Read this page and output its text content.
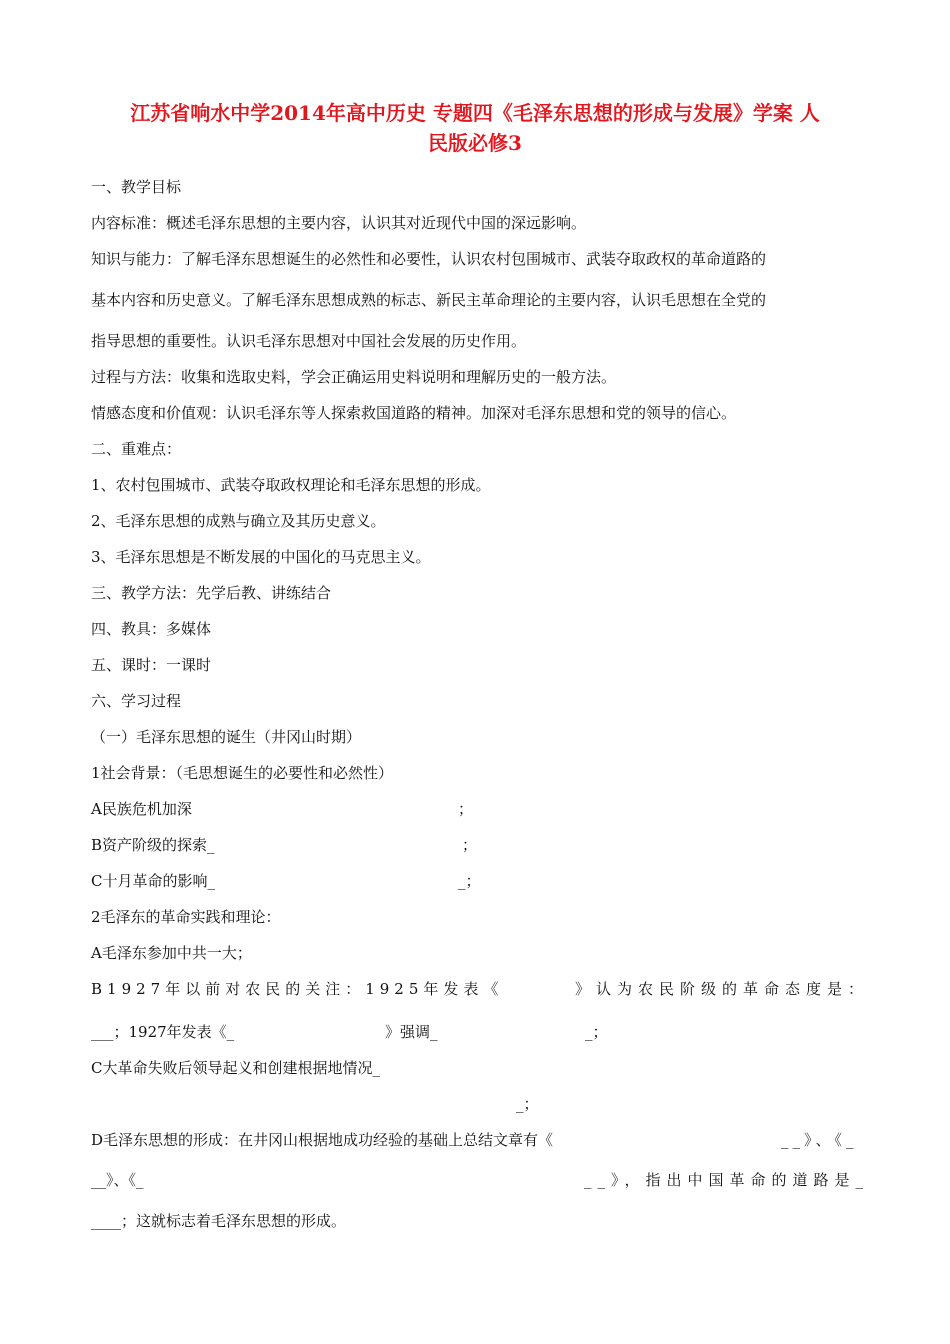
江苏省响水中学2014年高中历史 专题四《毛泽东思想的形成与发展》学案 人
民版必修3
一、教学目标
内容标准：概述毛泽东思想的主要内容，认识其对近现代中国的深远影响。
知识与能力：了解毛泽东思想诞生的必然性和必要性，认识农村包围城市、武装夺取政权的革命道路的
基本内容和历史意义。了解毛泽东思想成熟的标志、新民主革命理论的主要内容，认识毛思想在全党的
指导思想的重要性。认识毛泽东思想对中国社会发展的历史作用。
过程与方法：收集和选取史料，学会正确运用史料说明和理解历史的一般方法。
情感态度和价值观：认识毛泽东等人探索救国道路的精神。加深对毛泽东思想和党的领导的信心。
二、重难点：
1、农村包围城市、武装夺取政权理论和毛泽东思想的形成。
2、毛泽东思想的成熟与确立及其历史意义。
3、毛泽东思想是不断发展的中国化的马克思主义。
三、教学方法：先学后教、讲练结合
四、教具：多媒体
五、课时：一课时
六、学习过程
（一）毛泽东思想的诞生（井冈山时期）
1社会背景：（毛思想诞生的必要性和必然性）
A民族危机加深	；
B资产阶级的探索_	；
C十月革命的影响_	_；
2毛泽东的革命实践和理论：
A毛泽东参加中共一大；
B1927年以前对农民的关注：1925年发表《	》认为农民阶级的革命态度是：
___；1927年发表《_	》强调_	_；
C大革命失败后领导起义和创建根据地情况_
_；
D毛泽东思想的形成：在井冈山根据地成功经验的基础上总结文章有《	__》、《_
__》、《_	__》，指出中国革命的道路是_
____；这就标志着毛泽东思想的形成。
